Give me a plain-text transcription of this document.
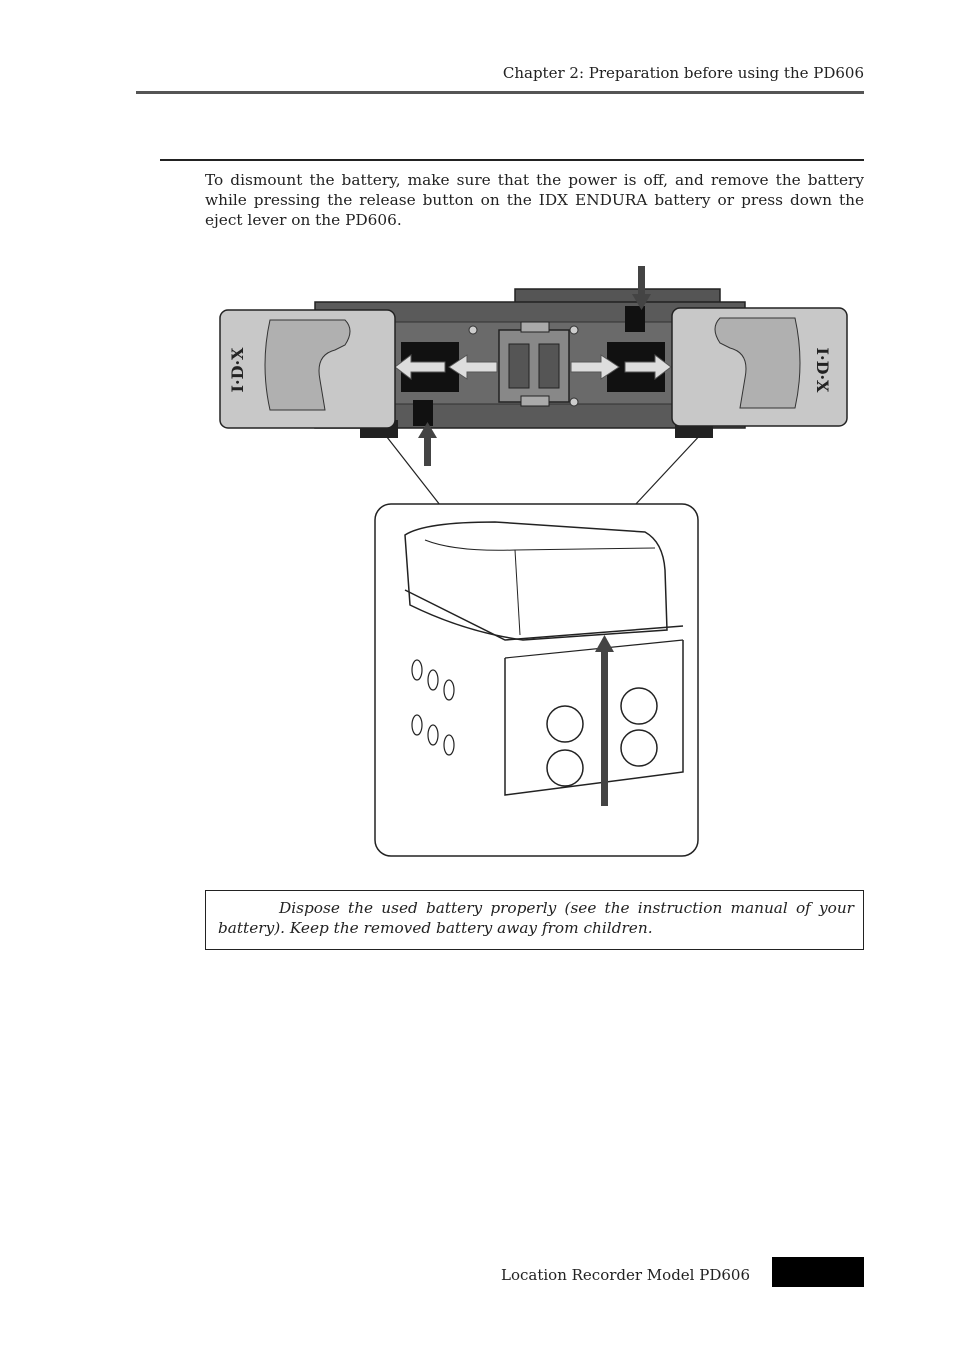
Chapter 2: Preparation before using the PD606
To dismount the battery, make sure that the power is off, and remove the battery while pressing the release button on the IDX ENDURA battery or press down the eject lever on the PD606.
I·D·X	I·D·X
Dispose the used battery properly (see the instruction manual of your battery). Keep the removed battery away from children.
Location Recorder Model PD606
